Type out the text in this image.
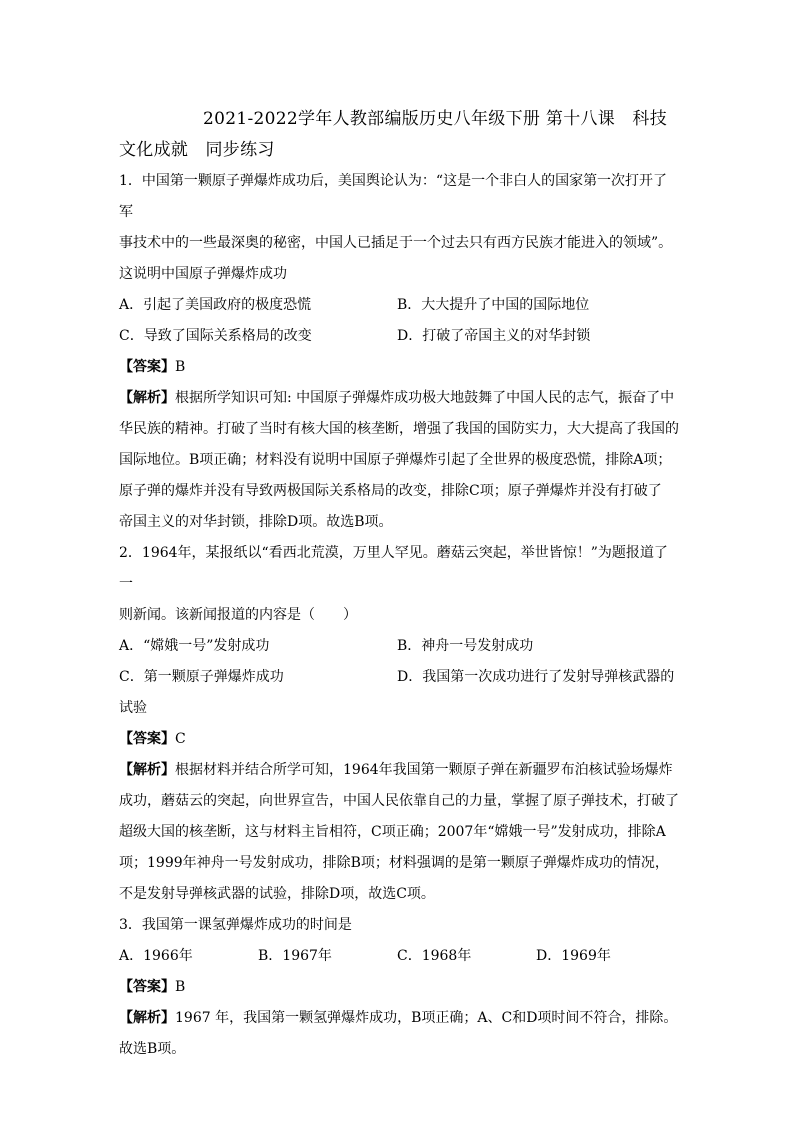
2021-2022学年人教部编版历史八年级下册 第十八课　科技
文化成就　同步练习

1．中国第一颗原子弹爆炸成功后，美国舆论认为：“这是一个非白人的国家第一次打开了军

事技术中的一些最深奥的秘密，中国人已插足于一个过去只有西方民族才能进入的领域”。

这说明中国原子弹爆炸成功

A．引起了美国政府的极度恐慌	B．大大提升了中国的国际地位
C．导致了国际关系格局的改变	D．打破了帝国主义的对华封锁

【答案】B

【解析】根据所学知识可知: 中国原子弹爆炸成功极大地鼓舞了中国人民的志气，振奋了中

华民族的精神。打破了当时有核大国的核垄断，增强了我国的国防实力，大大提高了我国的

国际地位。B项正确；材料没有说明中国原子弹爆炸引起了全世界的极度恐慌，排除A项；

原子弹的爆炸并没有导致两极国际关系格局的改变，排除C项；原子弹爆炸并没有打破了

帝国主义的对华封锁，排除D项。故选B项。

2．1964年，某报纸以“看西北荒漠，万里人罕见。蘑菇云突起，举世皆惊！”为题报道了一

则新闻。该新闻报道的内容是（　　）

A．“嫦娥一号”发射成功	B．神舟一号发射成功
C．第一颗原子弹爆炸成功	D．我国第一次成功进行了发射导弹核武器的

试验

【答案】C

【解析】根据材料并结合所学可知，1964年我国第一颗原子弹在新疆罗布泊核试验场爆炸

成功，蘑菇云的突起，向世界宣告，中国人民依靠自己的力量，掌握了原子弹技术，打破了

超级大国的核垄断，这与材料主旨相符，C项正确；2007年“嫦娥一号”发射成功，排除A

项；1999年神舟一号发射成功，排除B项；材料强调的是第一颗原子弹爆炸成功的情况，

不是发射导弹核武器的试验，排除D项，故选C项。

3．我国第一课氢弹爆炸成功的时间是

A．1966年	B．1967年	C．1968年	D．1969年

【答案】B

【解析】1967 年，我国第一颗氢弹爆炸成功，B项正确；A、C和D项时间不符合，排除。

故选B项。
